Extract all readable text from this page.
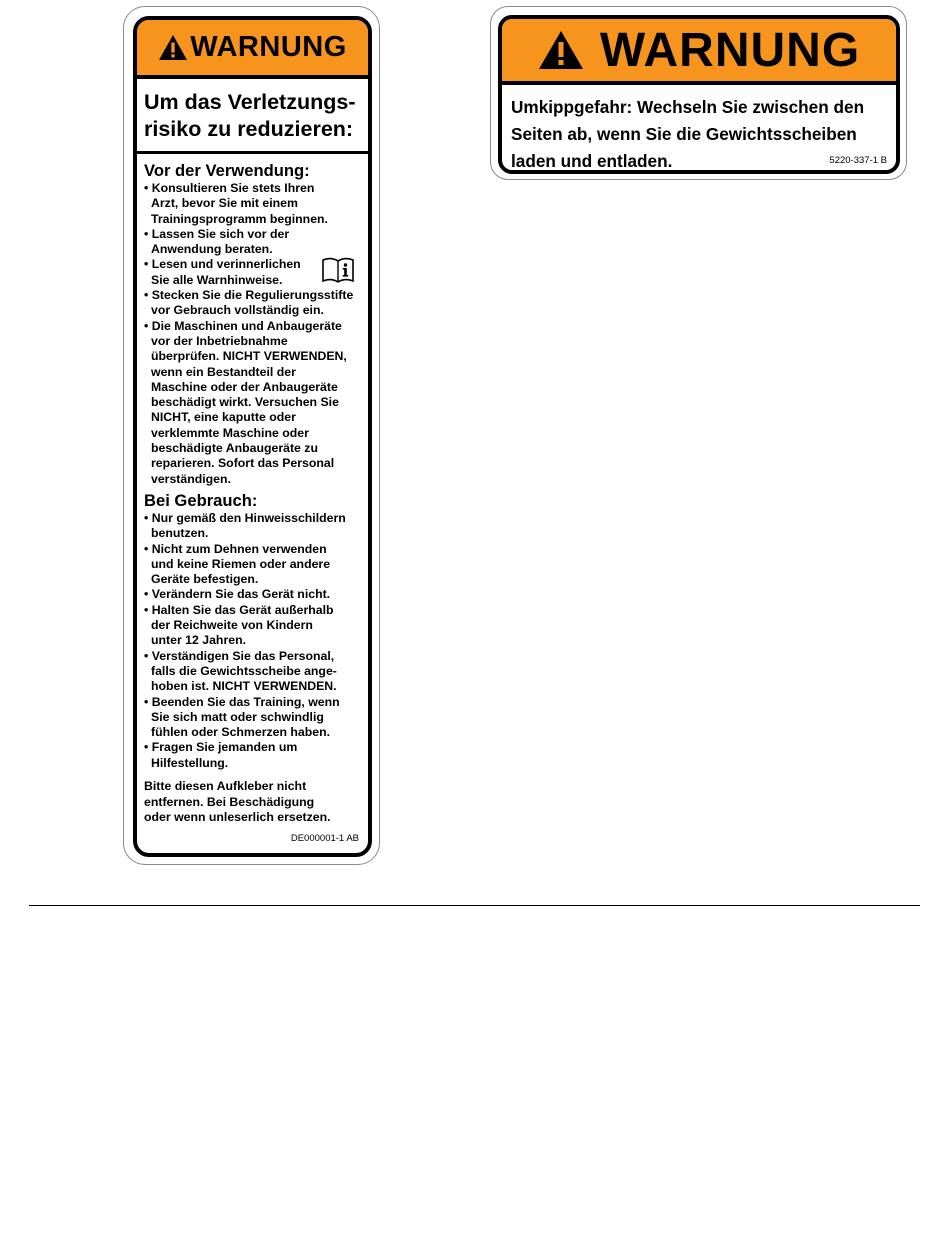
WARNUNG
Um das Verletzungs-
risiko zu reduzieren:
Vor der Verwendung:
• Konsultieren Sie stets Ihren
Arzt, bevor Sie mit einem
Trainingsprogramm beginnen.
• Lassen Sie sich vor der
Anwendung beraten.
• Lesen und verinnerlichen
Sie alle Warnhinweise.
• Stecken Sie die Regulierungsstifte
vor Gebrauch vollständig ein.
• Die Maschinen und Anbaugeräte
vor der Inbetriebnahme
überprüfen. NICHT VERWENDEN,
wenn ein Bestandteil der
Maschine oder der Anbaugeräte
beschädigt wirkt. Versuchen Sie
NICHT, eine kaputte oder
verklemmte Maschine oder
beschädigte Anbaugeräte zu
reparieren. Sofort das Personal
verständigen.
Bei Gebrauch:
• Nur gemäß den Hinweisschildern
benutzen.
• Nicht zum Dehnen verwenden
und keine Riemen oder andere
Geräte befestigen.
• Verändern Sie das Gerät nicht.
• Halten Sie das Gerät außerhalb
der Reichweite von Kindern
unter 12 Jahren.
• Verständigen Sie das Personal,
falls die Gewichtsscheibe ange-
hoben ist. NICHT VERWENDEN.
• Beenden Sie das Training, wenn
Sie sich matt oder schwindlig
fühlen oder Schmerzen haben.
• Fragen Sie jemanden um
Hilfestellung.
Bitte diesen Aufkleber nicht
entfernen. Bei Beschädigung
oder wenn unleserlich ersetzen.
DE000001-1 AB
WARNUNG
Umkippgefahr: Wechseln Sie zwischen den
Seiten ab, wenn Sie die Gewichtsscheiben
laden und entladen.	5220-337-1 B
